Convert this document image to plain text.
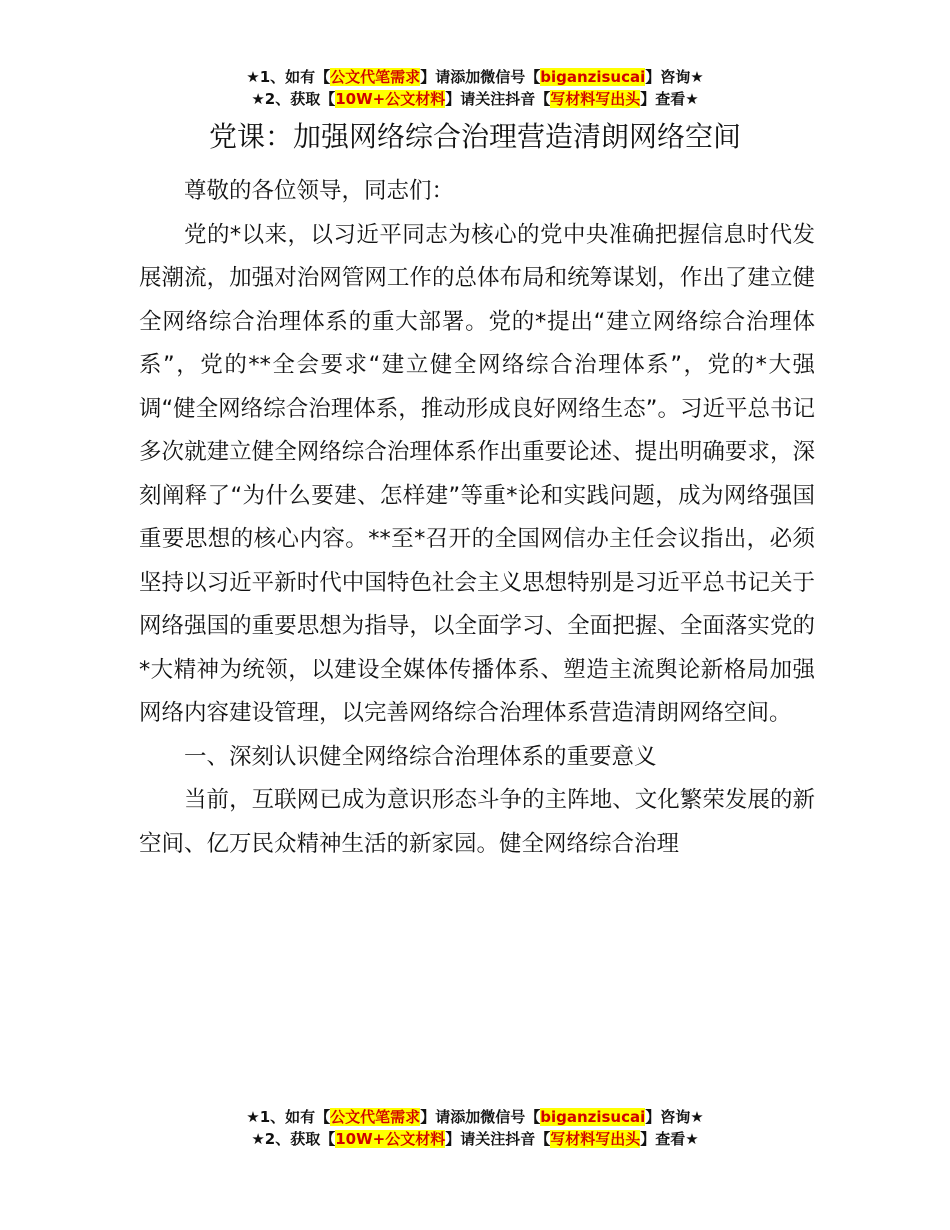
★1、如有【公文代笔需求】请添加微信号【biganzisucai】咨询★
★2、获取【10W+公文材料】请关注抖音【写材料写出头】查看★
党课：加强网络综合治理营造清朗网络空间

尊敬的各位领导，同志们：

党的*以来，以习近平同志为核心的党中央准确把握信息时代发展潮流，加强对治网管网工作的总体布局和统筹谋划，作出了建立健全网络综合治理体系的重大部署。党的*提出“建立网络综合治理体系”，党的**全会要求“建立健全网络综合治理体系”，党的*大强调“健全网络综合治理体系，推动形成良好网络生态”。习近平总书记多次就建立健全网络综合治理体系作出重要论述、提出明确要求，深刻阐释了“为什么要建、怎样建”等重*论和实践问题，成为网络强国重要思想的核心内容。**至*召开的全国网信办主任会议指出，必须坚持以习近平新时代中国特色社会主义思想特别是习近平总书记关于网络强国的重要思想为指导，以全面学习、全面把握、全面落实党的*大精神为统领，以建设全媒体传播体系、塑造主流舆论新格局加强网络内容建设管理，以完善网络综合治理体系营造清朗网络空间。

一、深刻认识健全网络综合治理体系的重要意义

当前，互联网已成为意识形态斗争的主阵地、文化繁荣发展的新空间、亿万民众精神生活的新家园。健全网络综合治理

★1、如有【公文代笔需求】请添加微信号【biganzisucai】咨询★
★2、获取【10W+公文材料】请关注抖音【写材料写出头】查看★
